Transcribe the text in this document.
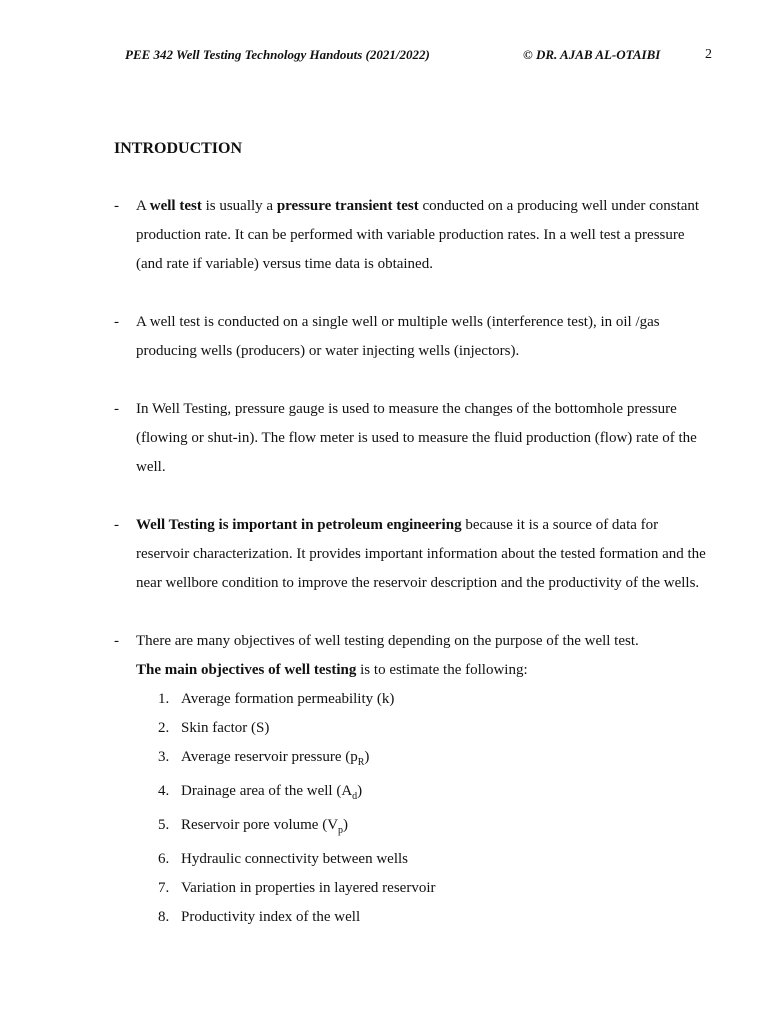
PEE 342 Well Testing Technology Handouts (2021/2022)	© DR. AJAB AL-OTAIBI	2
INTRODUCTION
- A well test is usually a pressure transient test conducted on a producing well under constant production rate. It can be performed with variable production rates. In a well test a pressure (and rate if variable) versus time data is obtained.
- A well test is conducted on a single well or multiple wells (interference test), in oil /gas producing wells (producers) or water injecting wells (injectors).
- In Well Testing, pressure gauge is used to measure the changes of the bottomhole pressure (flowing or shut-in). The flow meter is used to measure the fluid production (flow) rate of the well.
- Well Testing is important in petroleum engineering because it is a source of data for reservoir characterization. It provides important information about the tested formation and the near wellbore condition to improve the reservoir description and the productivity of the wells.
- There are many objectives of well testing depending on the purpose of the well test.
The main objectives of well testing is to estimate the following:
1. Average formation permeability (k)
2. Skin factor (S)
3. Average reservoir pressure $(p_R)$
4. Drainage area of the well $(A_d)$
5. Reservoir pore volume $(V_p)$
6. Hydraulic connectivity between wells
7. Variation in properties in layered reservoir
8. Productivity index of the well
